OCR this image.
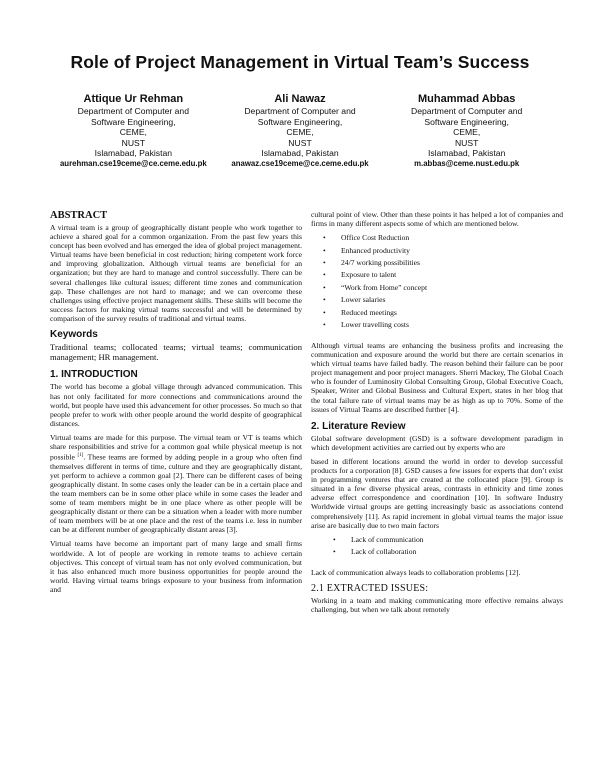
Role of Project Management in Virtual Team’s Success
Attique Ur Rehman
Department of Computer and
Software Engineering,
CEME,
NUST
Islamabad, Pakistan
aurehman.cse19ceme@ce.ceme.edu.pk
Ali Nawaz
Department of Computer and
Software Engineering,
CEME,
NUST
Islamabad, Pakistan
anawaz.cse19ceme@ce.ceme.edu.pk
Muhammad Abbas
Department of Computer and
Software Engineering,
CEME,
NUST
Islamabad, Pakistan
m.abbas@ceme.nust.edu.pk
ABSTRACT

A virtual team is a group of geographically distant people who work together to achieve a shared goal for a common organization. From the past few years this concept has been evolved and has emerged the idea of global project management. Virtual teams have been beneficial in cost reduction; hiring competent work force and improving globalization. Although virtual teams are beneficial for an organization; but they are hard to manage and control successfully. There can be several challenges like cultural issues; different time zones and communication gap. These challenges are not hard to manage; and we can overcome these challenges using effective project management skills. These skills will become the success factors for making virtual teams successful and will be determined by comparison of the survey results of traditional and virtual teams.

Keywords

Traditional teams; collocated teams; virtual teams; communication management; HR management.

1. INTRODUCTION

The world has become a global village through advanced communication. This has not only facilitated for more connections and communications around the world, but people have used this advancement for other processes. So much so that people prefer to work with other people around the world despite of geographical distances.

Virtual teams are made for this purpose. The virtual team or VT is teams which share responsibilities and strive for a common goal while physical meetup is not possible [1]. These teams are formed by adding people in a group who often find themselves different in terms of time, culture and they are geographically distant, yet perform to achieve a common goal [2]. There can be different cases of being geographically distant. In some cases only the leader can be in a certain place and the team members can be in some other place while in some cases the leader and some of team members might be in one place where as other people will be geographically distant or there can be a situation when a leader with more number of team members will be at one place and the rest of the teams i.e. less in number can be at different number of geographically distant areas [3].

Virtual teams have become an important part of many large and small firms worldwide. A lot of people are working in remote teams to achieve certain objectives. This concept of virtual team has not only evolved communication, but it has also enhanced much more business opportunities for people around the world. Having virtual teams brings exposure to your business from information and

cultural point of view. Other than these points it has helped a lot of companies and firms in many different aspects some of which are mentioned below.

• Office Cost Reduction
• Enhanced productivity
• 24/7 working possibilities
• Exposure to talent
• “Work from Home” concept
• Lower salaries
• Reduced meetings
• Lower travelling costs

Although virtual teams are enhancing the business profits and increasing the communication and exposure around the world but there are certain scenarios in which virtual teams have failed badly. The reason behind their failure can be poor project management and poor project managers. Sherri Mackey, The Global Coach who is founder of Luminosity Global Consulting Group, Global Executive Coach, Speaker, Writer and Global Business and Cultural Expert, states in her blog that the total failure rate of virtual teams may be as high as up to 70%. Some of the issues of Virtual Teams are described further [4].

2. Literature Review

Global software development (GSD) is a software development paradigm in which development activities are carried out by experts who are

based in different locations around the world in order to develop successful products for a corporation [8]. GSD causes a few issues for experts that don’t exist in programming ventures that are created at the collocated place [9]. Group is situated in a few diverse physical areas, contrasts in ethnicity and time zones adverse effect correspondence and coordination [10]. In software Industry Worldwide virtual groups are getting increasingly basic as associations contend comprehensively [11]. As rapid increment in global virtual teams the major issue arise are basically due to two main factors

• Lack of communication
• Lack of collaboration

Lack of communication always leads to collaboration problems [12].

2.1 EXTRACTED ISSUES:

Working in a team and making communicating more effective remains always challenging, but when we talk about remotely
